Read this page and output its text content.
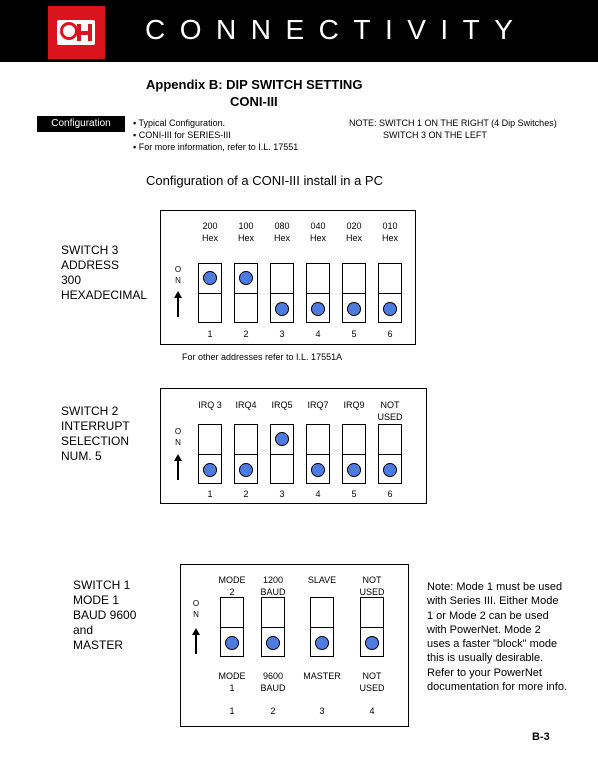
CONNECTIVITY
Appendix B: DIP SWITCH SETTING
CONI-III
Configuration	▪ Typical Configuration.
▪ CONI-III for SERIES-III
▪ For more information, refer to I.L. 17551
NOTE: SWITCH 1 ON THE RIGHT (4 Dip Switches)
SWITCH 3 ON THE LEFT
Configuration of a CONI-III install in a PC
SWITCH 3
ADDRESS
300
HEXADECIMAL
O
N
200
Hex
1
100
Hex
2
080
Hex
3
040
Hex
4
020
Hex
5
010
Hex
6
For other addresses refer to I.L. 17551A
SWITCH 2
INTERRUPT
SELECTION
NUM. 5
O
N
IRQ 3
1
IRQ4
2
IRQ5
3
IRQ7
4
IRQ9
5
NOT
USED
6
SWITCH 1
MODE 1
BAUD 9600
and
MASTER
O
N
MODE
2
1
MODE
1
1200
BAUD
2
9600
BAUD
SLAVE
3
MASTER
NOT
USED
4
NOT
USED
Note: Mode 1 must be used
with Series III. Either Mode
1 or Mode 2 can be used
with PowerNet. Mode 2
uses a faster "block" mode
this is usually desirable.
Refer to your PowerNet
documentation for more info.
B-3
